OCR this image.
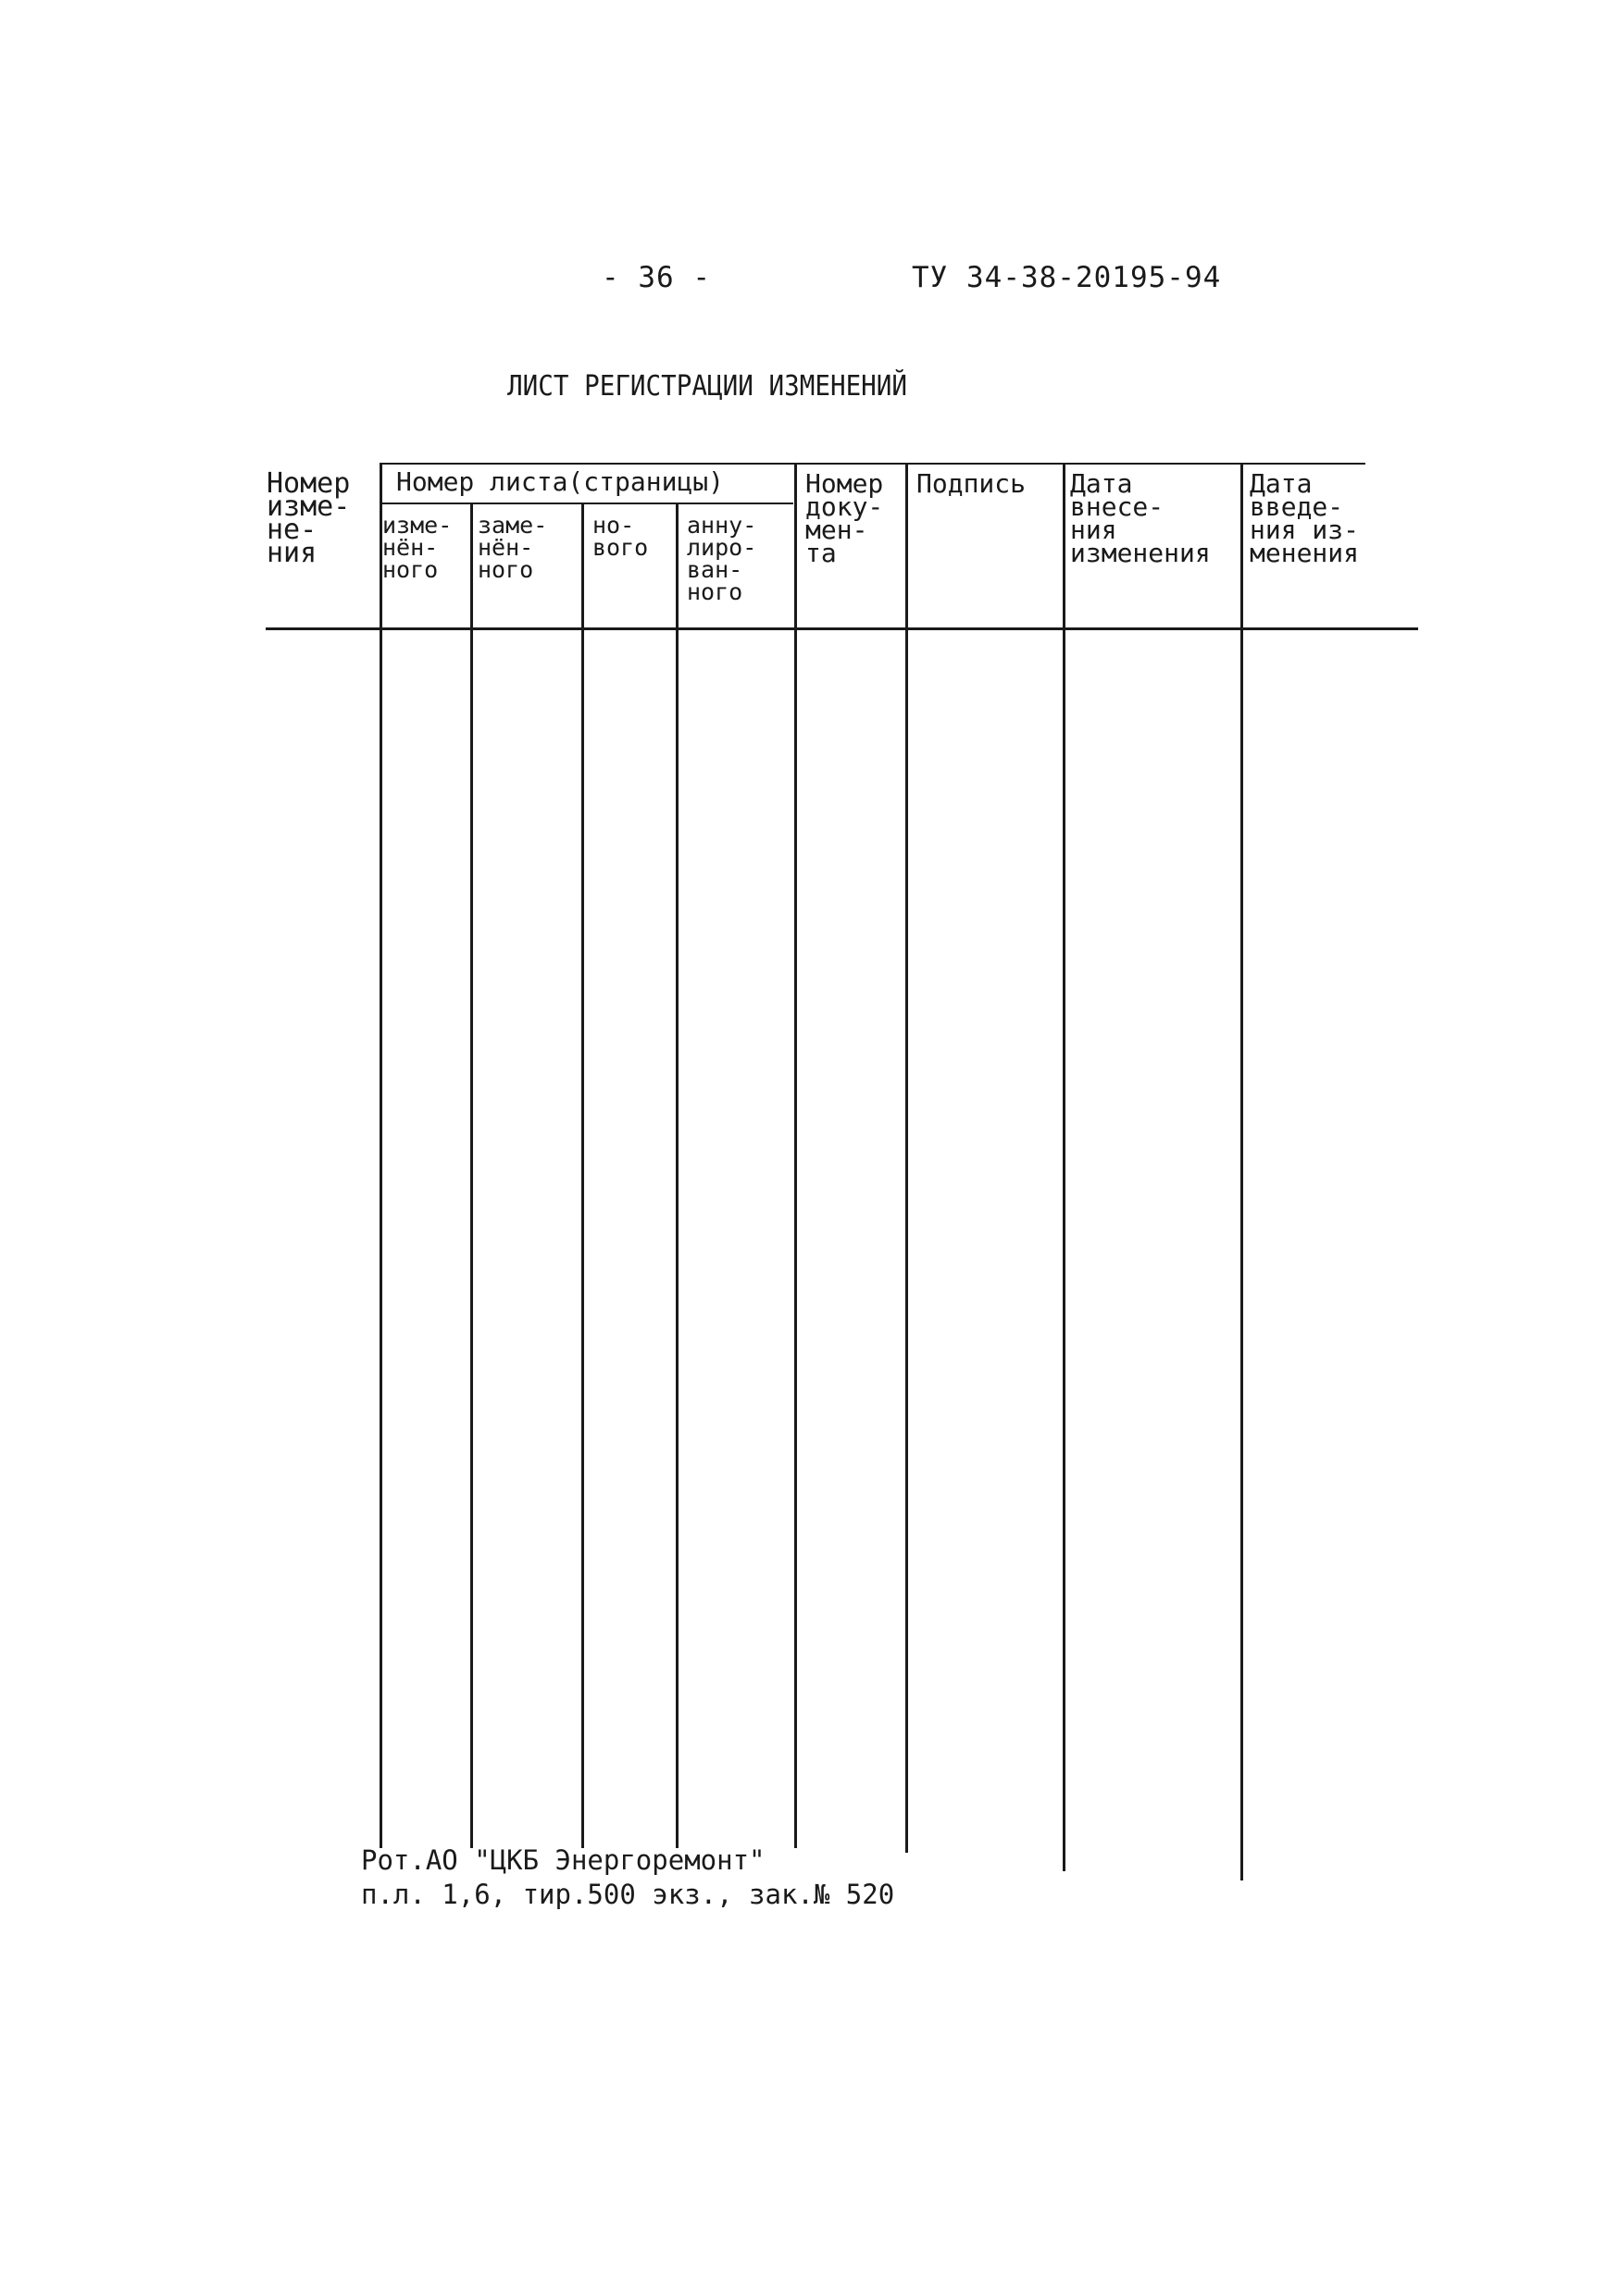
- 36 -	ТУ 34-38-20195-94
ЛИСТ РЕГИСТРАЦИИ ИЗМЕНЕНИЙ
Номер
изме-
не-
ния
Номер листа(страницы)
изме-
нён-
ного
заме-
нён-
ного
но-
вого
анну-
лиро-
ван-
ного
Номер
доку-
мен-
та
Подпись Дата
внесе-
ния
изменения
Дата
введе-
ния из-
менения
Рот.АО "ЦКБ Энергоремонт"
п.л. 1,6, тир.500 экз., зак.№ 520
